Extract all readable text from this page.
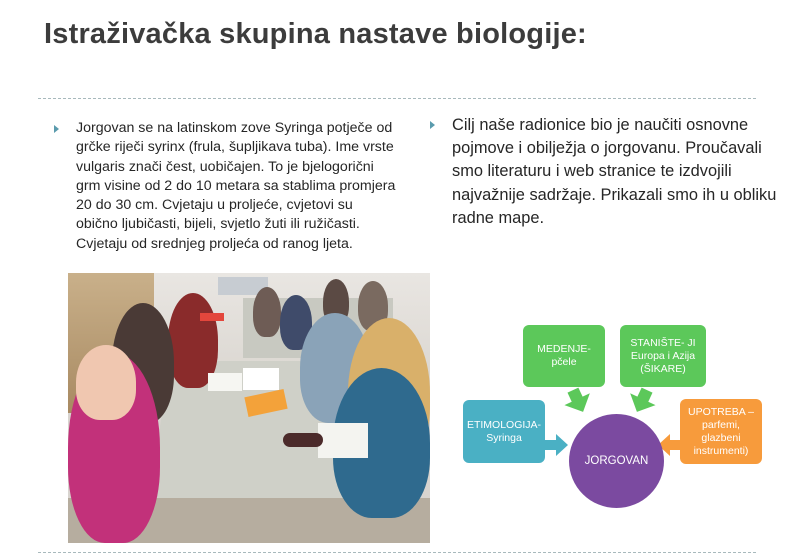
Istraživačka skupina nastave biologije:
Jorgovan se na latinskom zove Syringa potječe od grčke riječi syrinx (frula, šupljikava tuba). Ime vrste vulgaris znači čest, uobičajen. To je bjelogorični grm visine od 2 do 10 metara sa stablima promjera 20 do 30 cm. Cvjetaju u proljeće, cvjetovi su obično ljubičasti, bijeli, svjetlo žuti ili ružičasti. Cvjetaju od srednjeg proljeća od ranog ljeta.
Cilj naše radionice bio je naučiti osnovne pojmove i obilježja o jorgovanu. Proučavali smo literaturu i web stranice te izdvojili najvažnije sadržaje. Prikazali smo ih u obliku radne mape.
MEDENJE-
pčele
STANIŠTE- JI
Europa i Azija
(ŠIKARE)
ETIMOLOGIJA-
Syringa
UPOTREBA –
parfemi,
glazbeni
instrumenti)
JORGOVAN
